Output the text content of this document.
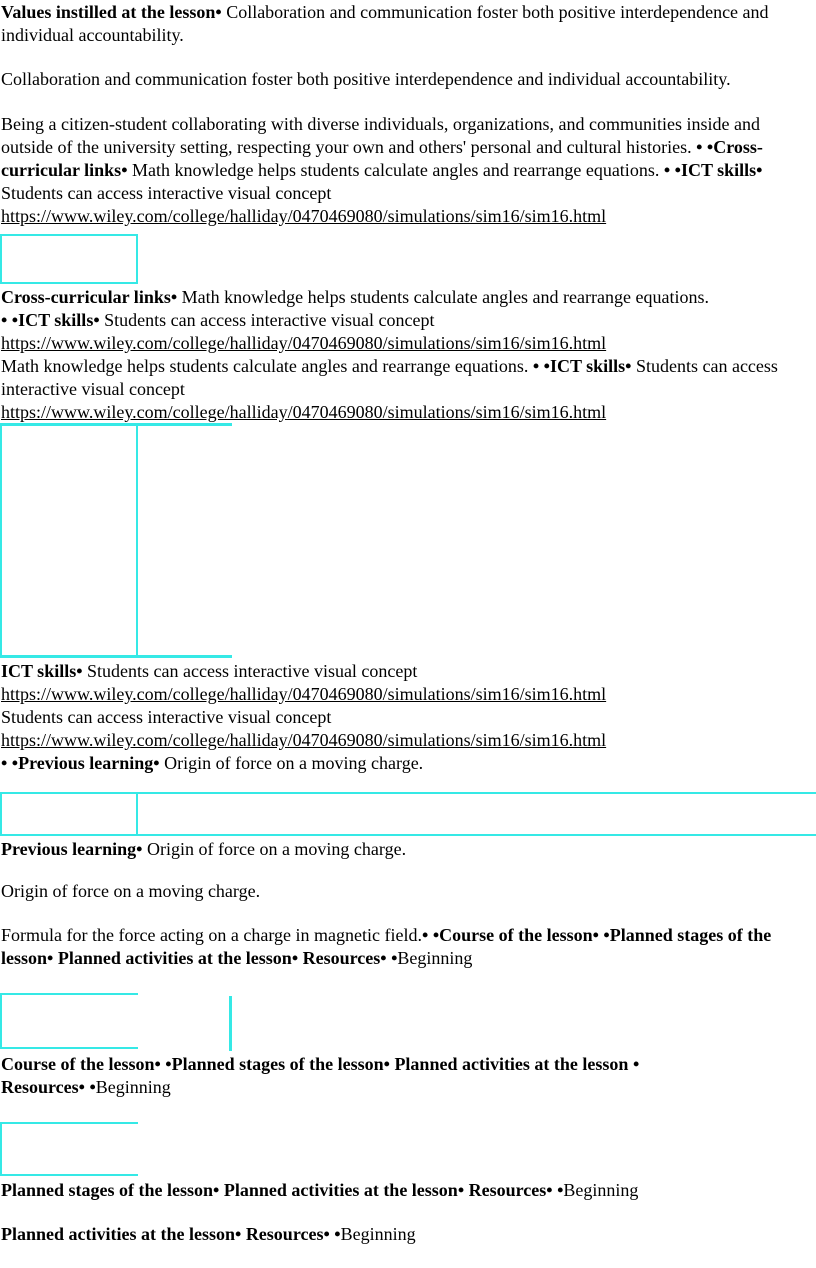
Values instilled at the lesson• Collaboration and communication foster both positive interdependence and individual accountability.
Collaboration and communication foster both positive interdependence and individual accountability.
Being a citizen-student collaborating with diverse individuals, organizations, and communities inside and outside of the university setting, respecting your own and others' personal and cultural histories. • •Cross-curricular links• Math knowledge helps students calculate angles and rearrange equations. • •ICT skills• Students can access interactive visual concept
https://www.wiley.com/college/halliday/0470469080/simulations/sim16/sim16.html
Cross-curricular links• Math knowledge helps students calculate angles and rearrange equations.
• •ICT skills• Students can access interactive visual concept
https://www.wiley.com/college/halliday/0470469080/simulations/sim16/sim16.html
Math knowledge helps students calculate angles and rearrange equations. • •ICT skills• Students can access interactive visual concept
https://www.wiley.com/college/halliday/0470469080/simulations/sim16/sim16.html
ICT skills• Students can access interactive visual concept
https://www.wiley.com/college/halliday/0470469080/simulations/sim16/sim16.html
Students can access interactive visual concept
https://www.wiley.com/college/halliday/0470469080/simulations/sim16/sim16.html
• •Previous learning• Origin of force on a moving charge.
Previous learning• Origin of force on a moving charge.
Origin of force on a moving charge.
Formula for the force acting on a charge in magnetic field.• •Course of the lesson• •Planned stages of the lesson• Planned activities at the lesson• Resources• •Beginning
Course of the lesson• •Planned stages of the lesson• Planned activities at the lesson • Resources• •Beginning
Planned stages of the lesson• Planned activities at the lesson• Resources• •Beginning
Planned activities at the lesson• Resources• •Beginning
